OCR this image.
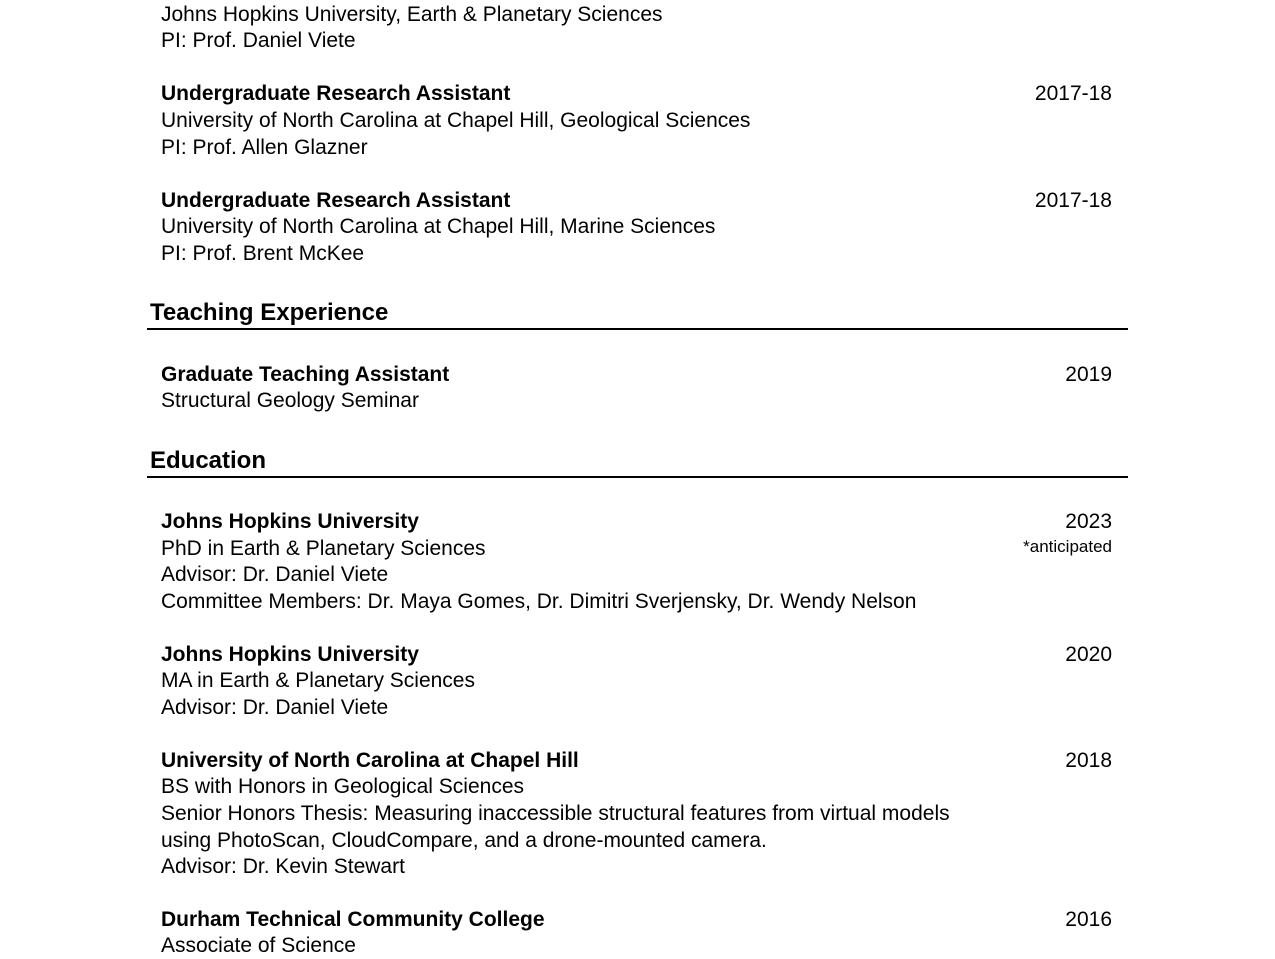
Johns Hopkins University, Earth & Planetary Sciences
PI: Prof. Daniel Viete
Undergraduate Research Assistant	2017-18
University of North Carolina at Chapel Hill, Geological Sciences
PI: Prof. Allen Glazner
Undergraduate Research Assistant	2017-18
University of North Carolina at Chapel Hill, Marine Sciences
PI: Prof. Brent McKee
Teaching Experience
Graduate Teaching Assistant	2019
Structural Geology Seminar
Education
Johns Hopkins University	2023
*anticipated
PhD in Earth & Planetary Sciences
Advisor: Dr. Daniel Viete
Committee Members: Dr. Maya Gomes, Dr. Dimitri Sverjensky, Dr. Wendy Nelson
Johns Hopkins University	2020
MA in Earth & Planetary Sciences
Advisor: Dr. Daniel Viete
University of North Carolina at Chapel Hill	2018
BS with Honors in Geological Sciences
Senior Honors Thesis: Measuring inaccessible structural features from virtual models
using PhotoScan, CloudCompare, and a drone-mounted camera.
Advisor: Dr. Kevin Stewart
Durham Technical Community College	2016
Associate of Science
